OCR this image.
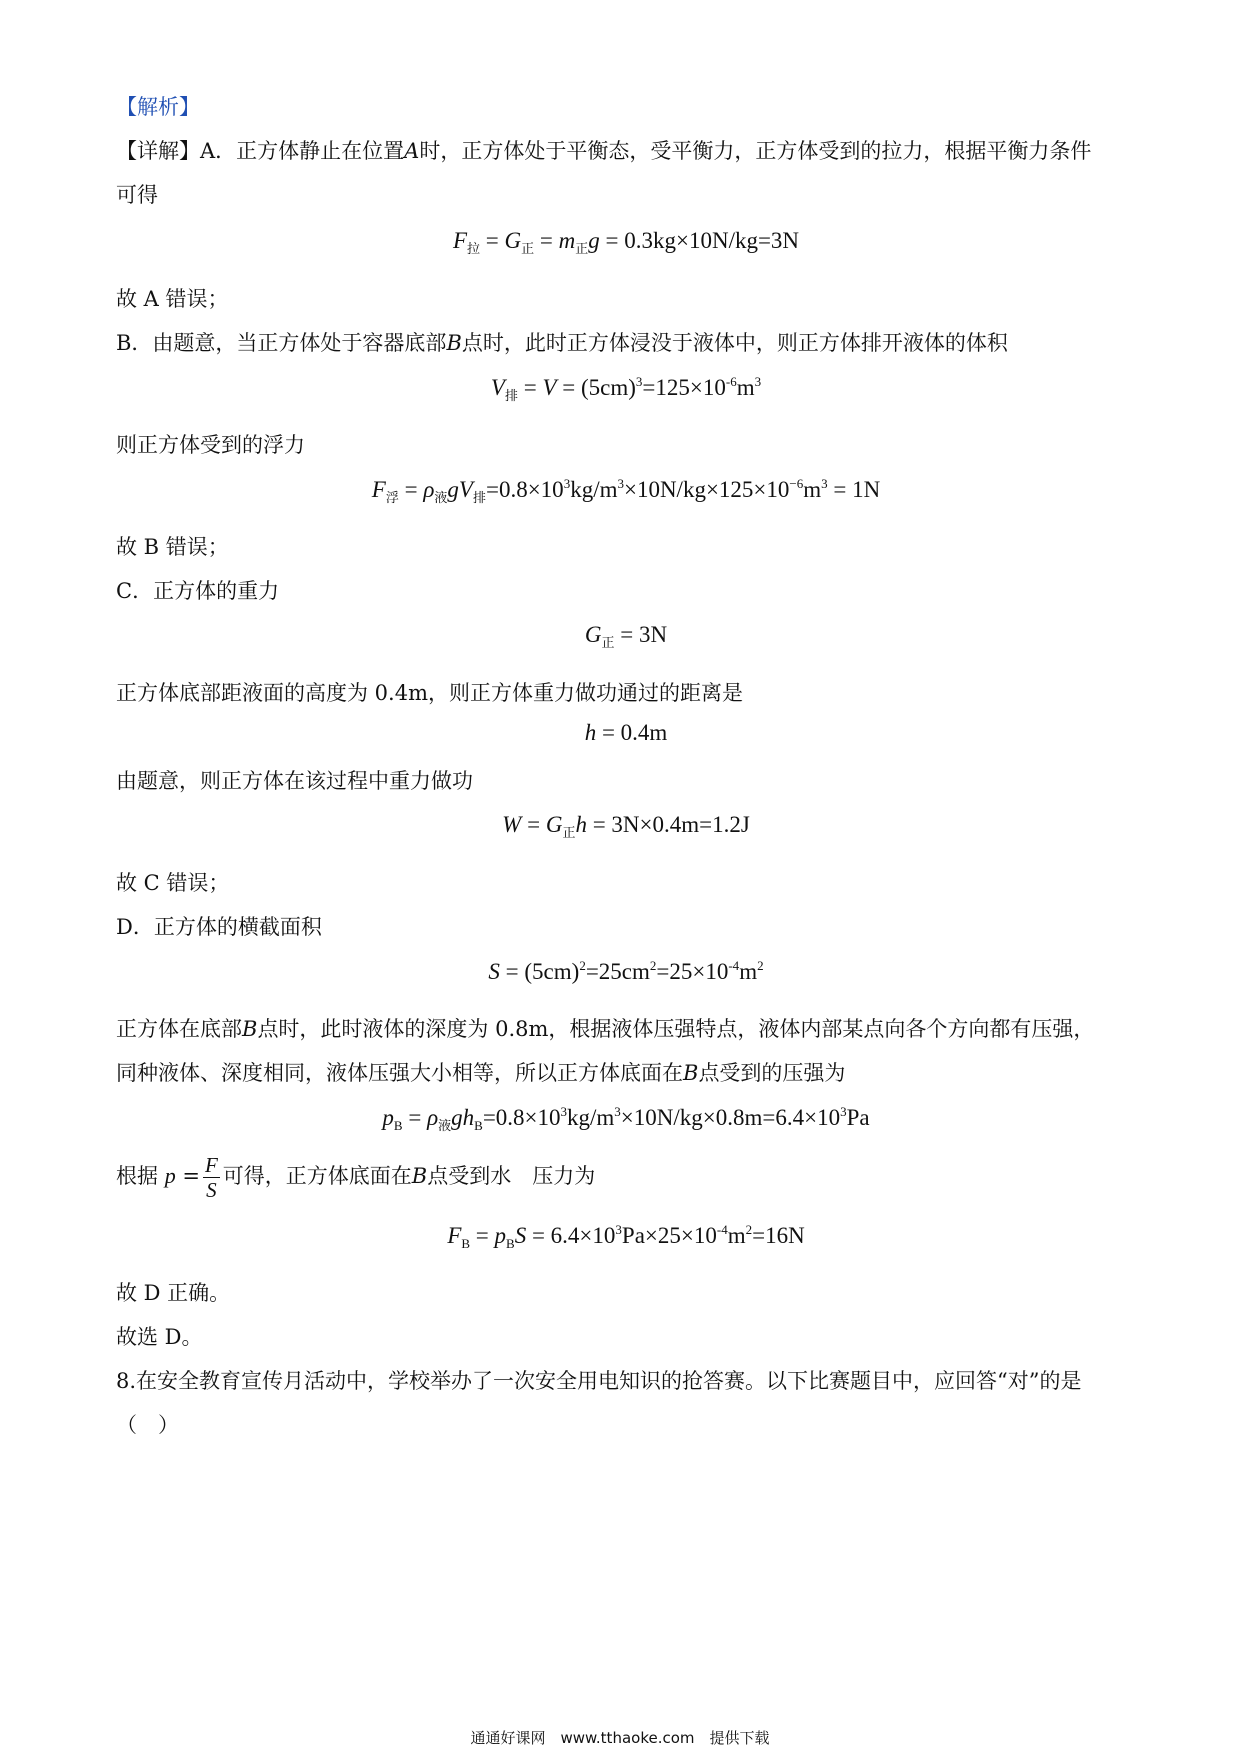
【解析】

【详解】A．正方体静止在位置A时，正方体处于平衡态，受平衡力，正方体受到的拉力，根据平衡力条件

可得

$F_拉 = G_正 = m_正g = 0.3kg\times 10N/kg=3N$

故 A 错误；

B．由题意，当正方体处于容器底部B点时，此时正方体浸没于液体中，则正方体排开液体的体积

$V_排 = V = (5cm)^3=125\times 10^{-6}m^3$

则正方体受到的浮力

$F_浮 = \rho_液gV_排=0.8\times 10^3kg/m^3\times 10N/kg\times 125\times 10^{-6}m^3 = 1N$

故 B 错误；

C．正方体的重力

$G_正 = 3N$

正方体底部距液面的高度为 0.4m，则正方体重力做功通过的距离是

h = 0.4m

由题意，则正方体在该过程中重力做功

$W = G_正h = 3N\times 0.4m=1.2J$

故 C 错误；

D．正方体的横截面积

$S = (5cm)^2=25cm^2=25\times 10^{-4}m^2$

正方体在底部B点时，此时液体的深度为 0.8m，根据液体压强特点，液体内部某点向各个方向都有压强，

同种液体、深度相同，液体压强大小相等，所以正方体底面在B点受到的压强为

$p_B = \rho_液gh_B=0.8\times 10^3kg/m^3\times 10N/kg\times 0.8m=6.4\times 10^3Pa$

根据 $p = \frac{F}{S}$ 可得，正方体底面在B点受到水　压力为

$F_B = p_BS = 6.4\times 10^3Pa\times 25\times 10^{-4}m^2=16N$

故 D 正确。

故选 D。

8.在安全教育宣传月活动中，学校举办了一次安全用电知识的抢答赛。以下比赛题目中，应回答“对”的是

（　）

通通好课网　www.tthaoke.com　提供下载
